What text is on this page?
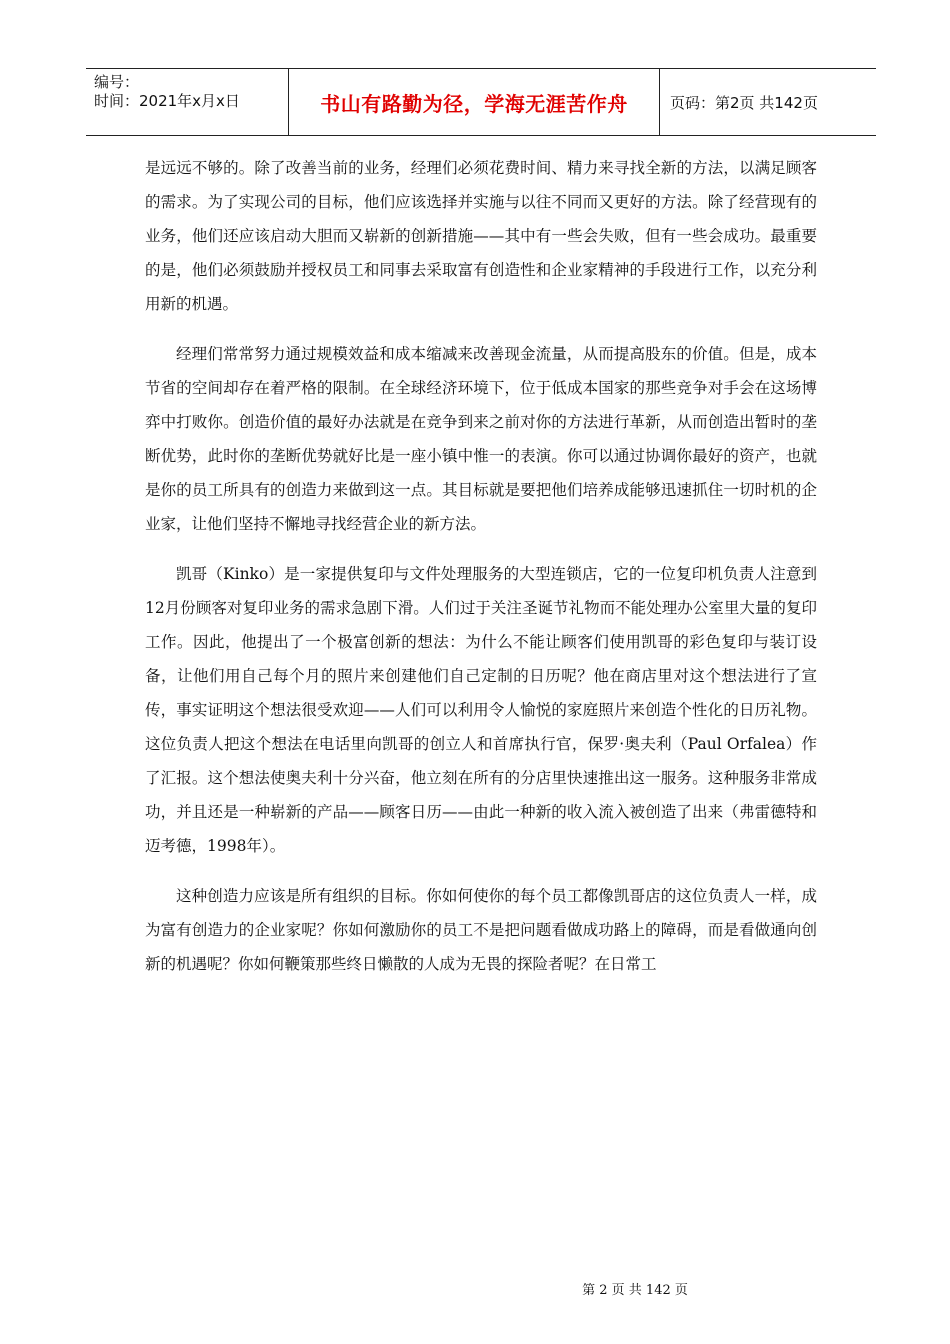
编号：
时间：2021年x月x日	书山有路勤为径，学海无涯苦作舟	页码：第2页 共142页

是远远不够的。除了改善当前的业务，经理们必须花费时间、精力来寻找全新的方法，以满足顾客的需求。为了实现公司的目标，他们应该选择并实施与以往不同而又更好的方法。除了经营现有的业务，他们还应该启动大胆而又崭新的创新措施——其中有一些会失败，但有一些会成功。最重要的是，他们必须鼓励并授权员工和同事去采取富有创造性和企业家精神的手段进行工作，以充分利用新的机遇。

经理们常常努力通过规模效益和成本缩减来改善现金流量，从而提高股东的价值。但是，成本节省的空间却存在着严格的限制。在全球经济环境下，位于低成本国家的那些竞争对手会在这场博弈中打败你。创造价值的最好办法就是在竞争到来之前对你的方法进行革新，从而创造出暂时的垄断优势，此时你的垄断优势就好比是一座小镇中惟一的表演。你可以通过协调你最好的资产，也就是你的员工所具有的创造力来做到这一点。其目标就是要把他们培养成能够迅速抓住一切时机的企业家，让他们坚持不懈地寻找经营企业的新方法。

凯哥（Kinko）是一家提供复印与文件处理服务的大型连锁店，它的一位复印机负责人注意到12月份顾客对复印业务的需求急剧下滑。人们过于关注圣诞节礼物而不能处理办公室里大量的复印工作。因此，他提出了一个极富创新的想法：为什么不能让顾客们使用凯哥的彩色复印与装订设备，让他们用自己每个月的照片来创建他们自己定制的日历呢？他在商店里对这个想法进行了宣传，事实证明这个想法很受欢迎——人们可以利用令人愉悦的家庭照片来创造个性化的日历礼物。这位负责人把这个想法在电话里向凯哥的创立人和首席执行官，保罗·奥夫利（Paul Orfalea）作了汇报。这个想法使奥夫利十分兴奋，他立刻在所有的分店里快速推出这一服务。这种服务非常成功，并且还是一种崭新的产品——顾客日历——由此一种新的收入流入被创造了出来（弗雷德特和迈考德，1998年）。

这种创造力应该是所有组织的目标。你如何使你的每个员工都像凯哥店的这位负责人一样，成为富有创造力的企业家呢？你如何激励你的员工不是把问题看做成功路上的障碍，而是看做通向创新的机遇呢？你如何鞭策那些终日懒散的人成为无畏的探险者呢？在日常工

第 2 页 共 142 页
